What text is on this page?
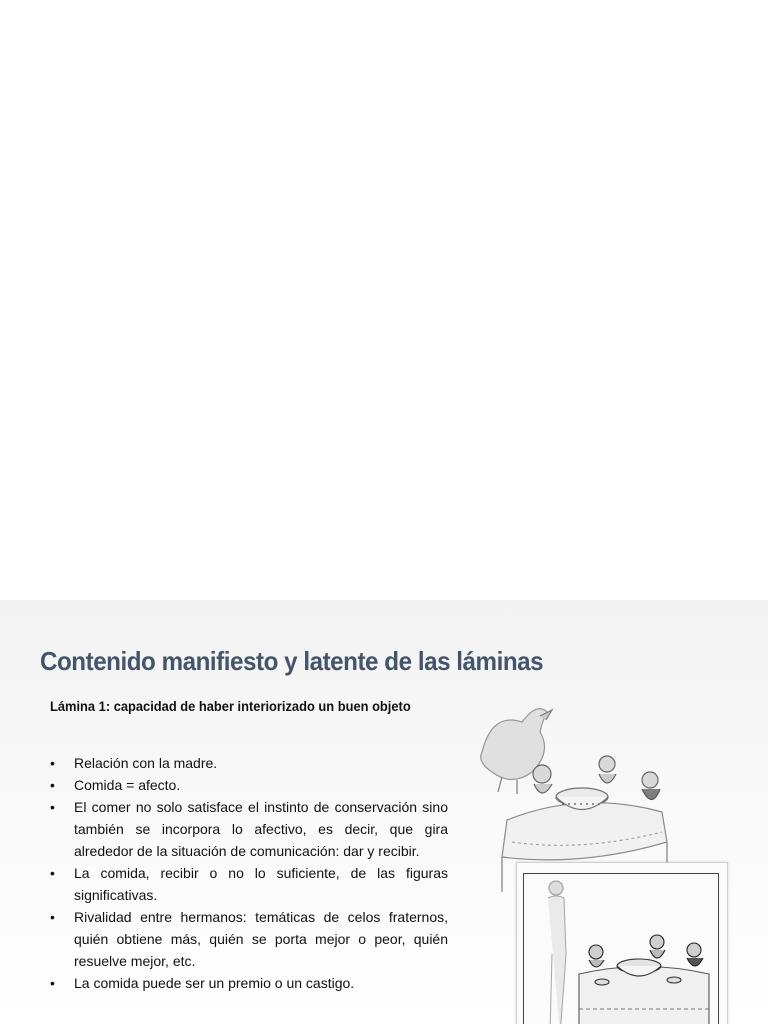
Contenido manifiesto y latente de las láminas

Lámina 1: capacidad de haber interiorizado un buen objeto

• Relación con la madre.
• Comida = afecto.
• El comer no solo satisface el instinto de conservación sino también se incorpora lo afectivo, es decir, que gira alrededor de la situación de comunicación: dar y recibir.
• La comida, recibir o no lo suficiente, de las figuras significativas.
• Rivalidad entre hermanos: temáticas de celos fraternos, quién obtiene más, quién se porta mejor o peor, quién resuelve mejor, etc.
• La comida puede ser un premio o un castigo.
